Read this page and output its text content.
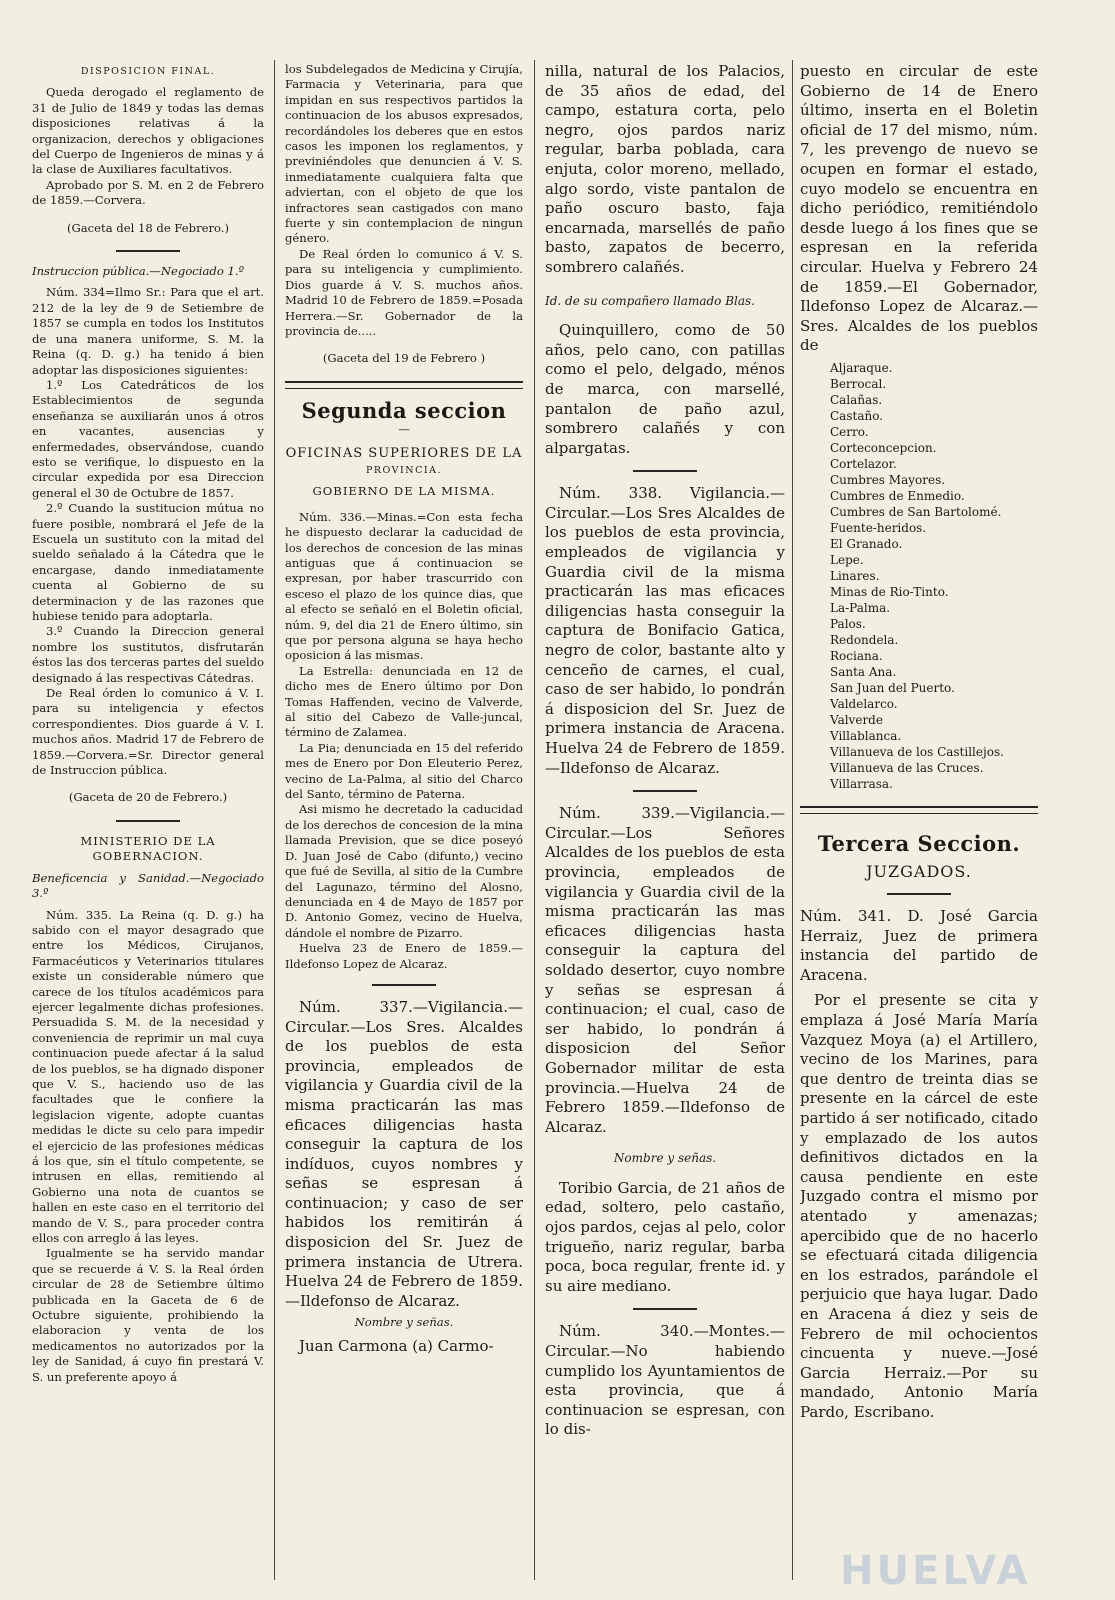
DISPOSICION FINAL.

Queda derogado el reglamento de 31 de Julio de 1849 y todas las demas disposiciones relativas á la organizacion, derechos y obligaciones del Cuerpo de Ingenieros de minas y á la clase de Auxiliares facultativos.

Aprobado por S. M. en 2 de Febrero de 1859.—Corvera.

(Gaceta del 18 de Febrero.)

Instruccion pública.—Negociado 1.º

Núm. 334=Ilmo Sr.: Para que el art. 212 de la ley de 9 de Setiembre de 1857 se cumpla en todos los Institutos de una manera uniforme, S. M. la Reina (q. D. g.) ha tenido á bien adoptar las disposiciones siguientes:

1.º Los Catedráticos de los Establecimientos de segunda enseñanza se auxiliarán unos á otros en vacantes, ausencias y enfermedades, observándose, cuando esto se verifique, lo dispuesto en la circular expedida por esa Direccion general el 30 de Octubre de 1857.

2.º Cuando la sustitucion mútua no fuere posible, nombrará el Jefe de la Escuela un sustituto con la mitad del sueldo señalado á la Cátedra que le encargase, dando inmediatamente cuenta al Gobierno de su determinacion y de las razones que hubiese tenido para adoptarla.

3.º Cuando la Direccion general nombre los sustitutos, disfrutarán éstos las dos terceras partes del sueldo designado á las respectivas Cátedras.

De Real órden lo comunico á V. I. para su inteligencia y efectos correspondientes. Dios guarde á V. I. muchos años. Madrid 17 de Febrero de 1859.—Corvera.=Sr. Director general de Instruccion pública.

(Gaceta de 20 de Febrero.)

MINISTERIO DE LA GOBERNACION.

Beneficencia y Sanidad.—Negociado 3.º

Núm. 335. La Reina (q. D. g.) ha sabido con el mayor desagrado que entre los Médicos, Cirujanos, Farmacéuticos y Veterinarios titulares existe un considerable número que carece de los títulos académicos para ejercer legalmente dichas profesiones. Persuadida S. M. de la necesidad y conveniencia de reprimir un mal cuya continuacion puede afectar á la salud de los pueblos, se ha dignado disponer que V. S., haciendo uso de las facultades que le confiere la legislacion vigente, adopte cuantas medidas le dicte su celo para impedir el ejercicio de las profesiones médicas á los que, sin el título competente, se intrusen en ellas, remitiendo al Gobierno una nota de cuantos se hallen en este caso en el territorio del mando de V. S., para proceder contra ellos con arreglo á las leyes.

Igualmente se ha servido mandar que se recuerde á V. S. la Real órden circular de 28 de Setiembre último publicada en la Gaceta de 6 de Octubre siguiente, prohibiendo la elaboracion y venta de los medicamentos no autorizados por la ley de Sanidad, á cuyo fin prestará V. S. un preferente apoyo á

los Subdelegados de Medicina y Cirujía, Farmacia y Veterinaria, para que impidan en sus respectivos partidos la continuacion de los abusos expresados, recordándoles los deberes que en estos casos les imponen los reglamentos, y previniéndoles que denuncien á V. S. inmediatamente cualquiera falta que adviertan, con el objeto de que los infractores sean castigados con mano fuerte y sin contemplacion de ningun género.

De Real órden lo comunico á V. S. para su inteligencia y cumplimiento. Dios guarde á V. S. muchos años. Madrid 10 de Febrero de 1859.=Posada Herrera.—Sr. Gobernador de la provincia de.....

(Gaceta del 19 de Febrero )

Segunda seccion

—

OFICINAS SUPERIORES DE LA

PROVINCIA.

GOBIERNO DE LA MISMA.

Núm. 336.—Minas.=Con esta fecha he dispuesto declarar la caducidad de los derechos de concesion de las minas antiguas que á continuacion se expresan, por haber trascurrido con esceso el plazo de los quince dias, que al efecto se señaló en el Boletin oficial, núm. 9, del dia 21 de Enero último, sin que por persona alguna se haya hecho oposicion á las mismas.

La Estrella: denunciada en 12 de dicho mes de Enero último por Don Tomas Haffenden, vecino de Valverde, al sitio del Cabezo de Valle-juncal, término de Zalamea.

La Pia; denunciada en 15 del referido mes de Enero por Don Eleuterio Perez, vecino de La-Palma, al sitio del Charco del Santo, término de Paterna.

Asi mismo he decretado la caducidad de los derechos de concesion de la mina llamada Prevision, que se dice poseyó D. Juan José de Cabo (difunto,) vecino que fué de Sevilla, al sitio de la Cumbre del Lagunazo, término del Alosno, denunciada en 4 de Mayo de 1857 por D. Antonio Gomez, vecino de Huelva, dándole el nombre de Pizarro.

Huelva 23 de Enero de 1859.—Ildefonso Lopez de Alcaraz.

Núm. 337.—Vigilancia.—Circular.—Los Sres. Alcaldes de los pueblos de esta provincia, empleados de vigilancia y Guardia civil de la misma practicarán las mas eficaces diligencias hasta conseguir la captura de los indíduos, cuyos nombres y señas se espresan á continuacion; y caso de ser habidos los remitirán á disposicion del Sr. Juez de primera instancia de Utrera. Huelva 24 de Febrero de 1859.—Ildefonso de Alcaraz.

Nombre y señas.

Juan Carmona (a) Carmo-

nilla, natural de los Palacios, de 35 años de edad, del campo, estatura corta, pelo negro, ojos pardos nariz regular, barba poblada, cara enjuta, color moreno, mellado, algo sordo, viste pantalon de paño oscuro basto, faja encarnada, marsellés de paño basto, zapatos de becerro, sombrero calañés.

Id. de su compañero llamado Blas.

Quinquillero, como de 50 años, pelo cano, con patillas como el pelo, delgado, ménos de marca, con marsellé, pantalon de paño azul, sombrero calañés y con alpargatas.

Núm. 338. Vigilancia.—Circular.—Los Sres Alcaldes de los pueblos de esta provincia, empleados de vigilancia y Guardia civil de la misma practicarán las mas eficaces diligencias hasta conseguir la captura de Bonifacio Gatica, negro de color, bastante alto y cenceño de carnes, el cual, caso de ser habido, lo pondrán á disposicion del Sr. Juez de primera instancia de Aracena. Huelva 24 de Febrero de 1859.—Ildefonso de Alcaraz.

Núm. 339.—Vigilancia.—Circular.—Los Señores Alcaldes de los pueblos de esta provincia, empleados de vigilancia y Guardia civil de la misma practicarán las mas eficaces diligencias hasta conseguir la captura del soldado desertor, cuyo nombre y señas se espresan á continuacion; el cual, caso de ser habido, lo pondrán á disposicion del Señor Gobernador militar de esta provincia.—Huelva 24 de Febrero 1859.—Ildefonso de Alcaraz.

Nombre y señas.

Toribio Garcia, de 21 años de edad, soltero, pelo castaño, ojos pardos, cejas al pelo, color trigueño, nariz regular, barba poca, boca regular, frente id. y su aire mediano.

Núm. 340.—Montes.—Circular.—No habiendo cumplido los Ayuntamientos de esta provincia, que á continuacion se espresan, con lo dis-

puesto en circular de este Gobierno de 14 de Enero último, inserta en el Boletin oficial de 17 del mismo, núm. 7, les prevengo de nuevo se ocupen en formar el estado, cuyo modelo se encuentra en dicho periódico, remitiéndolo desde luego á los fines que se espresan en la referida circular. Huelva y Febrero 24 de 1859.—El Gobernador, Ildefonso Lopez de Alcaraz.—Sres. Alcaldes de los pueblos de

Aljaraque.
Berrocal.
Calañas.
Castaño.
Cerro.
Corteconcepcion.
Cortelazor.
Cumbres Mayores.
Cumbres de Enmedio.
Cumbres de San Bartolomé.
Fuente-heridos.
El Granado.
Lepe.
Linares.
Minas de Rio-Tinto.
La-Palma.
Palos.
Redondela.
Rociana.
Santa Ana.
San Juan del Puerto.
Valdelarco.
Valverde
Villablanca.
Villanueva de los Castillejos.
Villanueva de las Cruces.
Villarrasa.

Tercera Seccion.

JUZGADOS.

Núm. 341. D. José Garcia Herraiz, Juez de primera instancia del partido de Aracena.

Por el presente se cita y emplaza á José María María Vazquez Moya (a) el Artillero, vecino de los Marines, para que dentro de treinta dias se presente en la cárcel de este partido á ser notificado, citado y emplazado de los autos definitivos dictados en la causa pendiente en este Juzgado contra el mismo por atentado y amenazas; apercibido que de no hacerlo se efectuará citada diligencia en los estrados, parándole el perjuicio que haya lugar. Dado en Aracena á diez y seis de Febrero de mil ochocientos cincuenta y nueve.—José Garcia Herraiz.—Por su mandado, Antonio María Pardo, Escribano.

HUELVA
